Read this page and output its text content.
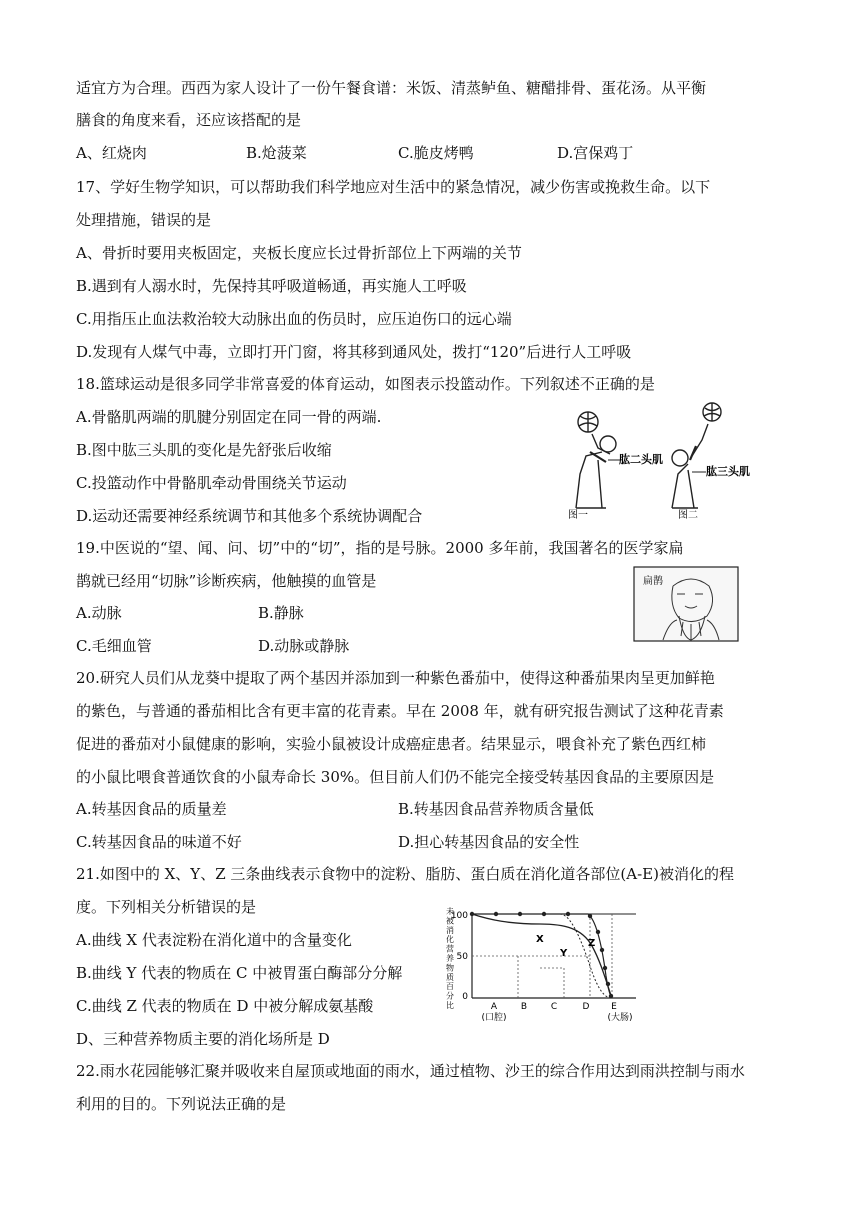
适宜方为合理。西西为家人设计了一份午餐食谱：米饭、清蒸鲈鱼、糖醋排骨、蛋花汤。从平衡
膳食的角度来看，还应该搭配的是
A、红烧肉	B.炝菠菜	C.脆皮烤鸭	D.宫保鸡丁
17、学好生物学知识，可以帮助我们科学地应对生活中的紧急情况，减少伤害或挽救生命。以下
处理措施，错误的是
A、骨折时要用夹板固定，夹板长度应长过骨折部位上下两端的关节
B.遇到有人溺水时，先保持其呼吸道畅通，再实施人工呼吸
C.用指压止血法救治较大动脉出血的伤员时，应压迫伤口的远心端
D.发现有人煤气中毒，立即打开门窗，将其移到通风处，拨打“120”后进行人工呼吸
18.篮球运动是很多同学非常喜爱的体育运动，如图表示投篮动作。下列叙述不正确的是
A.骨骼肌两端的肌腱分别固定在同一骨的两端.
B.图中肱三头肌的变化是先舒张后收缩
C.投篮动作中骨骼肌牵动骨围绕关节运动
D.运动还需要神经系统调节和其他多个系统协调配合
肱二头肌
肱三头肌
图一	图二
19.中医说的“望、闻、问、切”中的“切”，指的是号脉。2000 多年前，我国著名的医学家扁
鹊就已经用“切脉”诊断疾病，他触摸的血管是
A.动脉	B.静脉
C.毛细血管	D.动脉或静脉
扁鹊
20.研究人员们从龙葵中提取了两个基因并添加到一种紫色番茄中，使得这种番茄果肉呈更加鲜艳
的紫色，与普通的番茄相比含有更丰富的花青素。早在 2008 年，就有研究报告测试了这种花青素
促进的番茄对小鼠健康的影响，实验小鼠被设计成癌症患者。结果显示，喂食补充了紫色西红柿
的小鼠比喂食普通饮食的小鼠寿命长 30%。但目前人们仍不能完全接受转基因食品的主要原因是
A.转基因食品的质量差	B.转基因食品营养物质含量低
C.转基因食品的味道不好	D.担心转基因食品的安全性
21.如图中的 X、Y、Z 三条曲线表示食物中的淀粉、脂肪、蛋白质在消化道各部位(A-E)被消化的程
度。下列相关分析错误的是
A.曲线 X 代表淀粉在消化道中的含量变化
B.曲线 Y 代表的物质在 C 中被胃蛋白酶部分分解
C.曲线 Z 代表的物质在 D 中被分解成氨基酸
D、三种营养物质主要的消化场所是 D
未
被
消
化
营
养
物
质
百
分
比
100
50
0
X
Y
Z
A	B	C	D E
(口腔)	(大肠)
22.雨水花园能够汇聚并吸收来自屋顶或地面的雨水，通过植物、沙王的综合作用达到雨洪控制与雨水
利用的目的。下列说法正确的是
